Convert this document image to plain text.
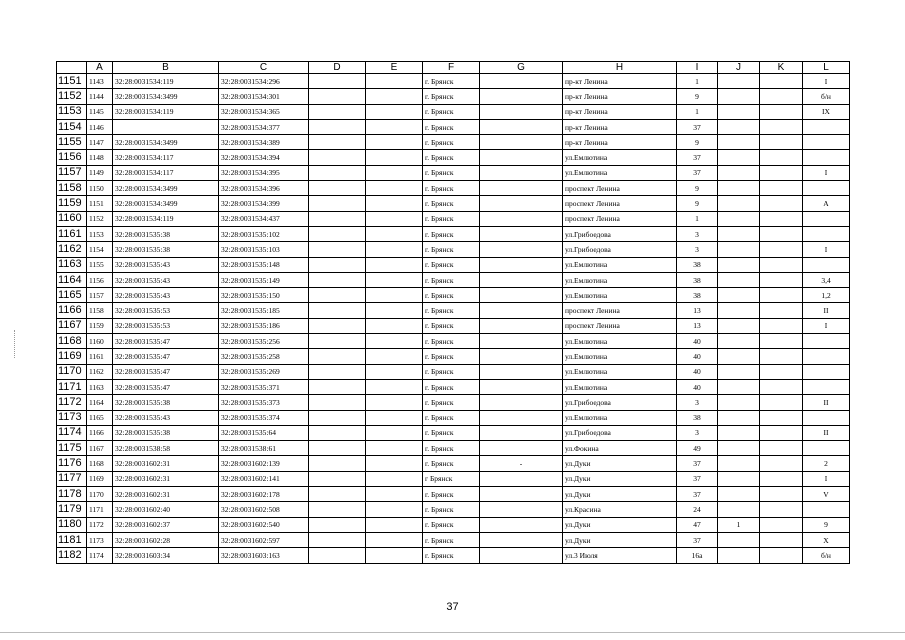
	A	B	C	D	E	F	G	H	I	J	K	L
1151	1143	32:28:0031534:119	32:28:0031534:296			г. Брянск		пр-кт Ленина	1			I
1152	1144	32:28:0031534:3499	32:28:0031534:301			г. Брянск		пр-кт Ленина	9			б/н
1153	1145	32:28:0031534:119	32:28:0031534:365			г. Брянск		пр-кт Ленина	1			IX
1154	1146		32:28:0031534:377			г. Брянск		пр-кт Ленина	37			
1155	1147	32:28:0031534:3499	32:28:0031534:389			г. Брянск		пр-кт Ленина	9			
1156	1148	32:28:0031534:117	32:28:0031534:394			г. Брянск		ул.Емлютина	37			
1157	1149	32:28:0031534:117	32:28:0031534:395			г. Брянск		ул.Емлютина	37			I
1158	1150	32:28:0031534:3499	32:28:0031534:396			г. Брянск		проспект Ленина	9			
1159	1151	32:28:0031534:3499	32:28:0031534:399			г. Брянск		проспект Ленина	9			A
1160	1152	32:28:0031534:119	32:28:0031534:437			г. Брянск		проспект Ленина	1			
1161	1153	32:28:0031535:38	32:28:0031535:102			г. Брянск		ул.Грибоедова	3			
1162	1154	32:28:0031535:38	32:28:0031535:103			г. Брянск		ул.Грибоедова	3			I
1163	1155	32:28:0031535:43	32:28:0031535:148			г. Брянск		ул.Емлютина	38			
1164	1156	32:28:0031535:43	32:28:0031535:149			г. Брянск		ул.Емлютина	38			3,4
1165	1157	32:28:0031535:43	32:28:0031535:150			г. Брянск		ул.Емлютина	38			1,2
1166	1158	32:28:0031535:53	32:28:0031535:185			г. Брянск		проспект Ленина	13			II
1167	1159	32:28:0031535:53	32:28:0031535:186			г. Брянск		проспект Ленина	13			I
1168	1160	32:28:0031535:47	32:28:0031535:256			г. Брянск		ул.Емлютина	40			
1169	1161	32:28:0031535:47	32:28:0031535:258			г. Брянск		ул.Емлютина	40			
1170	1162	32:28:0031535:47	32:28:0031535:269			г. Брянск		ул.Емлютина	40			
1171	1163	32:28:0031535:47	32:28:0031535:371			г. Брянск		ул.Емлютина	40			
1172	1164	32:28:0031535:38	32:28:0031535:373			г. Брянск		ул.Грибоедова	3			II
1173	1165	32:28:0031535:43	32:28:0031535:374			г. Брянск		ул.Емлютина	38			
1174	1166	32:28:0031535:38	32:28:0031535:64			г. Брянск		ул.Грибоедова	3			II
1175	1167	32:28:0031538:58	32:28:0031538:61			г. Брянск		ул.Фокина	49			
1176	1168	32:28:0031602:31	32:28:0031602:139			г. Брянск	-	ул.Дуки	37			2
1177	1169	32:28:0031602:31	32:28:0031602:141			г Брянск		ул.Дуки	37			I
1178	1170	32:28:0031602:31	32:28:0031602:178			г. Брянск		ул.Дуки	37			V
1179	1171	32:28:0031602:40	32:28:0031602:508			г. Брянск		ул.Красина	24			
1180	1172	32:28:0031602:37	32:28:0031602:540			г. Брянск		ул.Дуки	47	1		9
1181	1173	32:28:0031602:28	32:28:0031602:597			г. Брянск		ул.Дуки	37			X
1182	1174	32:28:0031603:34	32:28:0031603:163			г. Брянск		ул.3 Июля	16а			б/н
37
